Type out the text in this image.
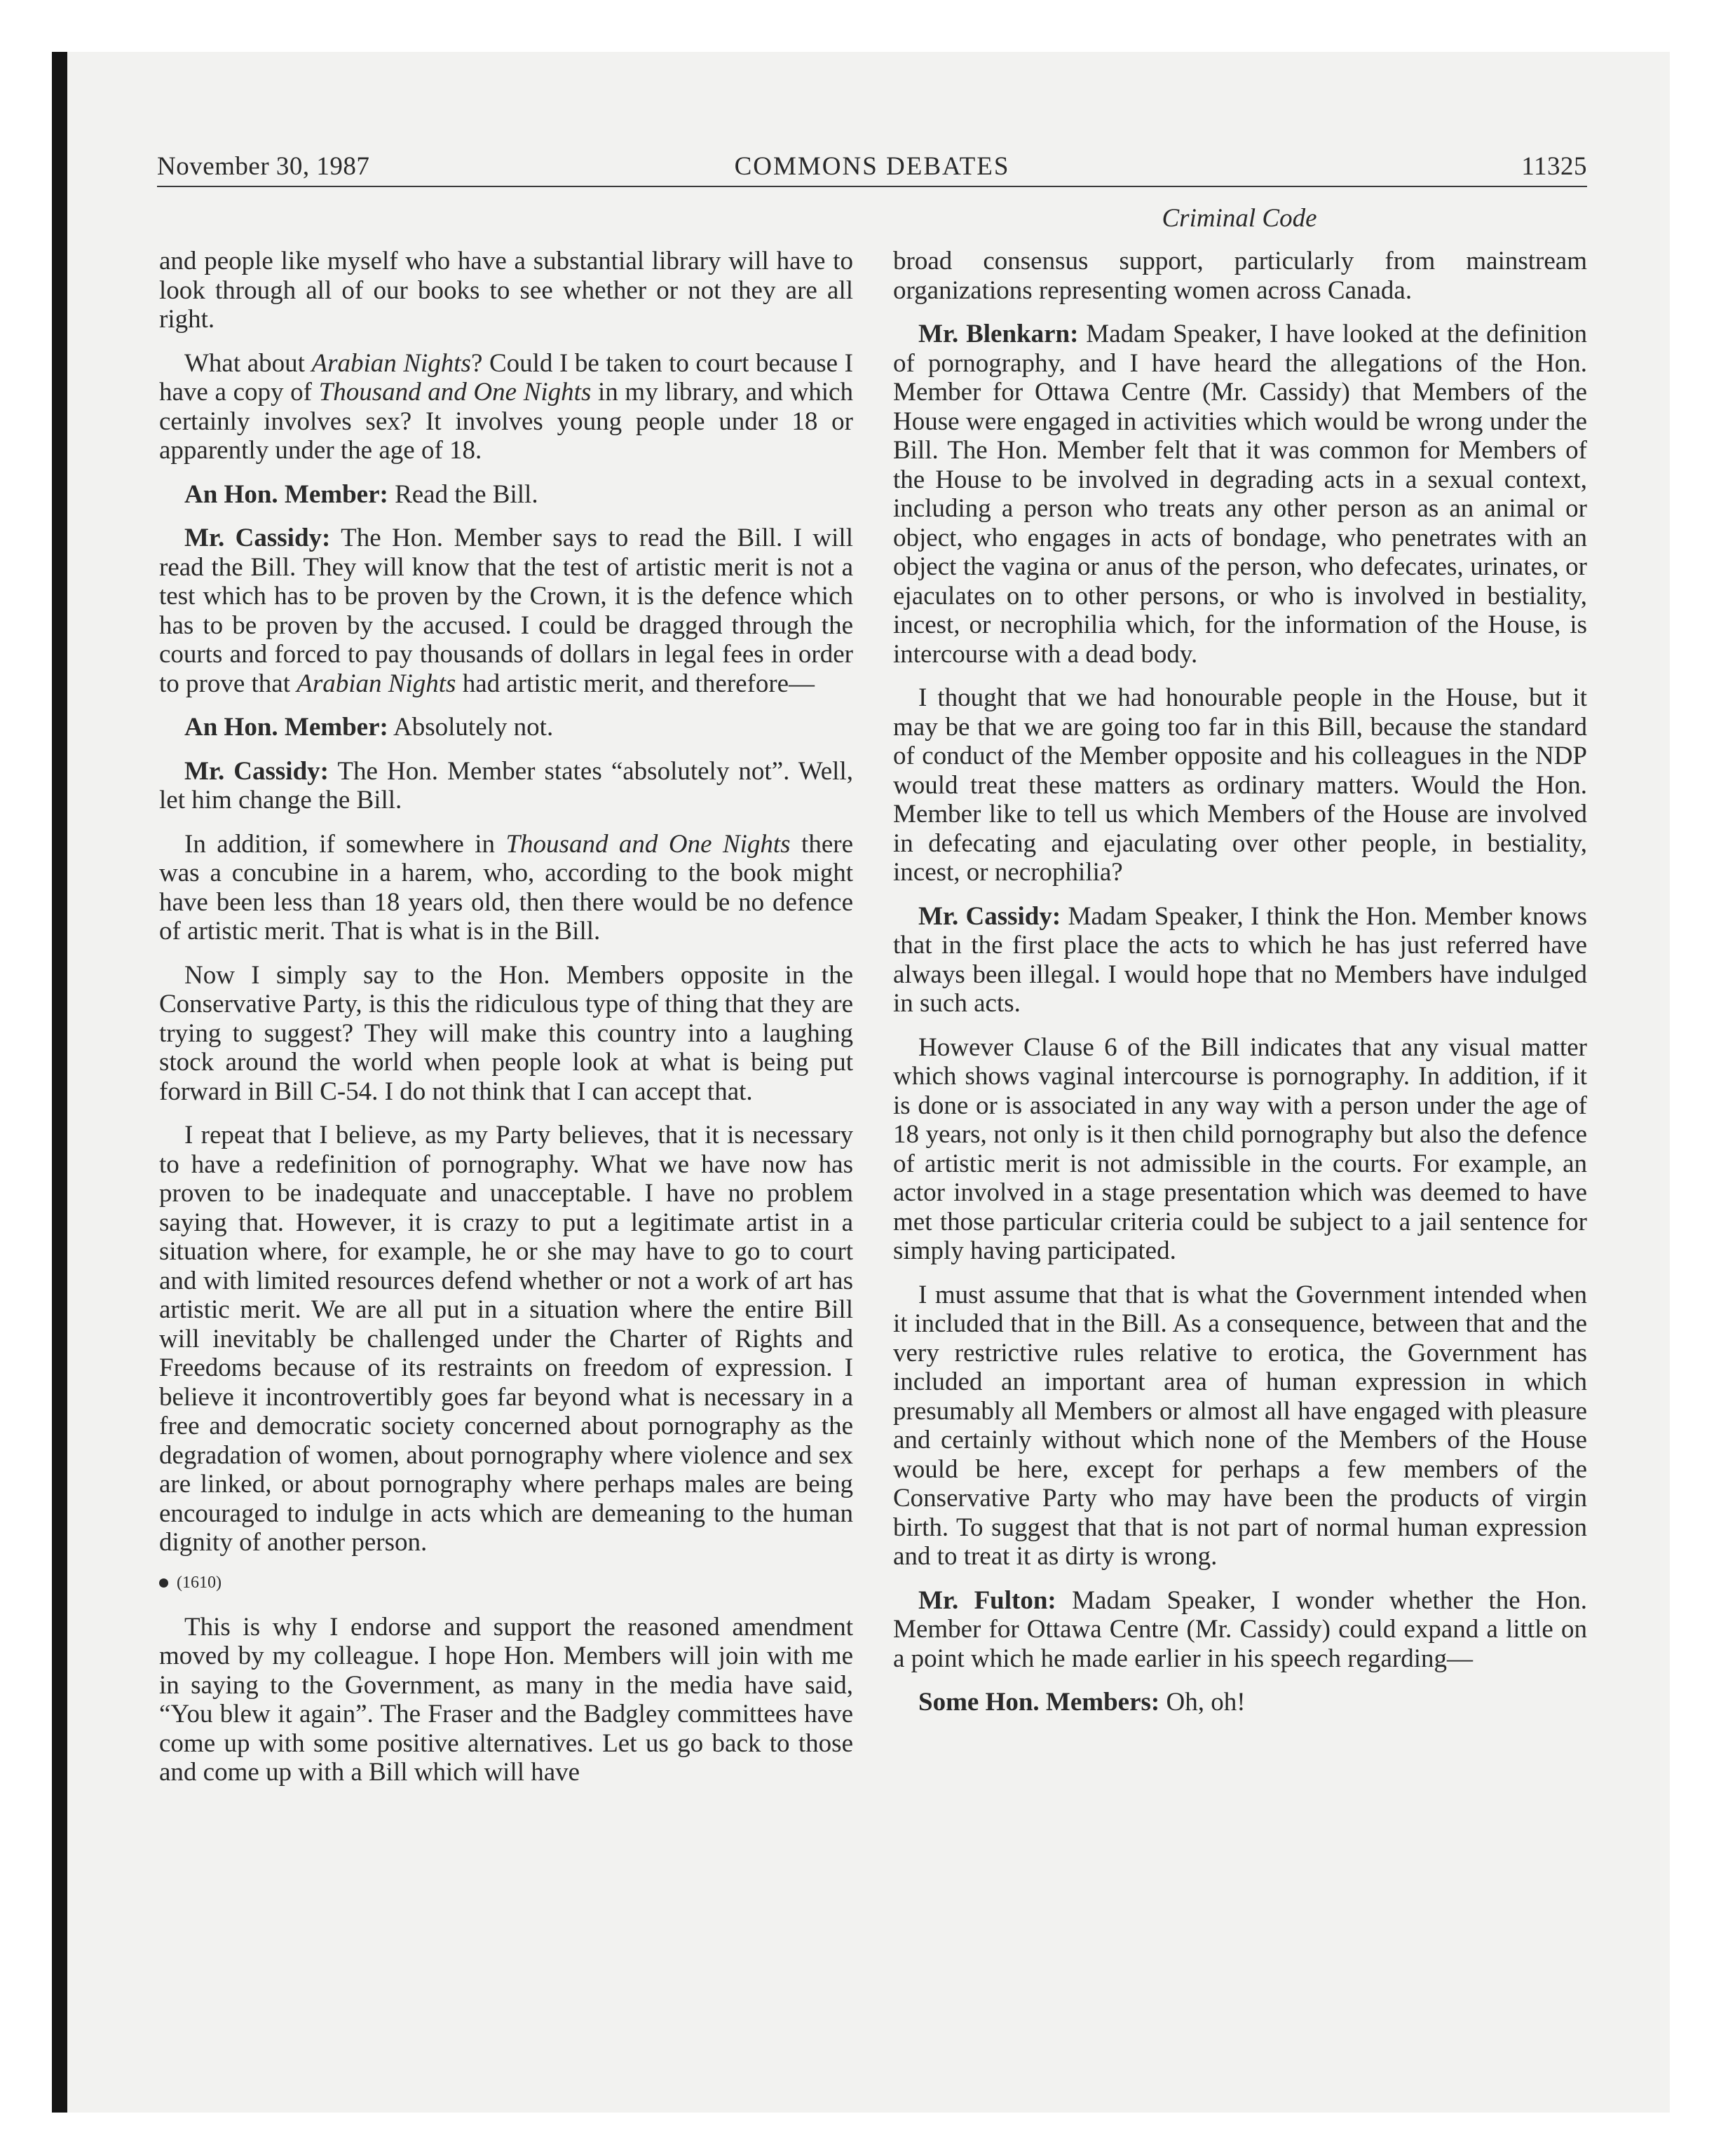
November 30, 1987	COMMONS DEBATES	11325
Criminal Code

and people like myself who have a substantial library will have to look through all of our books to see whether or not they are all right.

What about Arabian Nights? Could I be taken to court because I have a copy of Thousand and One Nights in my library, and which certainly involves sex? It involves young people under 18 or apparently under the age of 18.

An Hon. Member: Read the Bill.

Mr. Cassidy: The Hon. Member says to read the Bill. I will read the Bill. They will know that the test of artistic merit is not a test which has to be proven by the Crown, it is the defence which has to be proven by the accused. I could be dragged through the courts and forced to pay thousands of dollars in legal fees in order to prove that Arabian Nights had artistic merit, and therefore—

An Hon. Member: Absolutely not.

Mr. Cassidy: The Hon. Member states “absolutely not”. Well, let him change the Bill.

In addition, if somewhere in Thousand and One Nights there was a concubine in a harem, who, according to the book might have been less than 18 years old, then there would be no defence of artistic merit. That is what is in the Bill.

Now I simply say to the Hon. Members opposite in the Conservative Party, is this the ridiculous type of thing that they are trying to suggest? They will make this country into a laughing stock around the world when people look at what is being put forward in Bill C-54. I do not think that I can accept that.

I repeat that I believe, as my Party believes, that it is necessary to have a redefinition of pornography. What we have now has proven to be inadequate and unacceptable. I have no problem saying that. However, it is crazy to put a legitimate artist in a situation where, for example, he or she may have to go to court and with limited resources defend whether or not a work of art has artistic merit. We are all put in a situation where the entire Bill will inevitably be challenged under the Charter of Rights and Freedoms because of its restraints on freedom of expression. I believe it incontrovertibly goes far beyond what is necessary in a free and democratic society concerned about pornography as the degradation of women, about pornography where violence and sex are linked, or about pornography where perhaps males are being encouraged to indulge in acts which are demeaning to the human dignity of another person.

(1610)

This is why I endorse and support the reasoned amendment moved by my colleague. I hope Hon. Members will join with me in saying to the Government, as many in the media have said, “You blew it again”. The Fraser and the Badgley committees have come up with some positive alternatives. Let us go back to those and come up with a Bill which will have

broad consensus support, particularly from mainstream organizations representing women across Canada.

Mr. Blenkarn: Madam Speaker, I have looked at the definition of pornography, and I have heard the allegations of the Hon. Member for Ottawa Centre (Mr. Cassidy) that Members of the House were engaged in activities which would be wrong under the Bill. The Hon. Member felt that it was common for Members of the House to be involved in degrading acts in a sexual context, including a person who treats any other person as an animal or object, who engages in acts of bondage, who penetrates with an object the vagina or anus of the person, who defecates, urinates, or ejaculates on to other persons, or who is involved in bestiality, incest, or necrophilia which, for the information of the House, is intercourse with a dead body.

I thought that we had honourable people in the House, but it may be that we are going too far in this Bill, because the standard of conduct of the Member opposite and his colleagues in the NDP would treat these matters as ordinary matters. Would the Hon. Member like to tell us which Members of the House are involved in defecating and ejaculating over other people, in bestiality, incest, or necrophilia?

Mr. Cassidy: Madam Speaker, I think the Hon. Member knows that in the first place the acts to which he has just referred have always been illegal. I would hope that no Members have indulged in such acts.

However Clause 6 of the Bill indicates that any visual matter which shows vaginal intercourse is pornography. In addition, if it is done or is associated in any way with a person under the age of 18 years, not only is it then child pornography but also the defence of artistic merit is not admissible in the courts. For example, an actor involved in a stage presentation which was deemed to have met those particular criteria could be subject to a jail sentence for simply having participated.

I must assume that that is what the Government intended when it included that in the Bill. As a consequence, between that and the very restrictive rules relative to erotica, the Government has included an important area of human expression in which presumably all Members or almost all have engaged with pleasure and certainly without which none of the Members of the House would be here, except for perhaps a few members of the Conservative Party who may have been the products of virgin birth. To suggest that that is not part of normal human expression and to treat it as dirty is wrong.

Mr. Fulton: Madam Speaker, I wonder whether the Hon. Member for Ottawa Centre (Mr. Cassidy) could expand a little on a point which he made earlier in his speech regarding—

Some Hon. Members: Oh, oh!
